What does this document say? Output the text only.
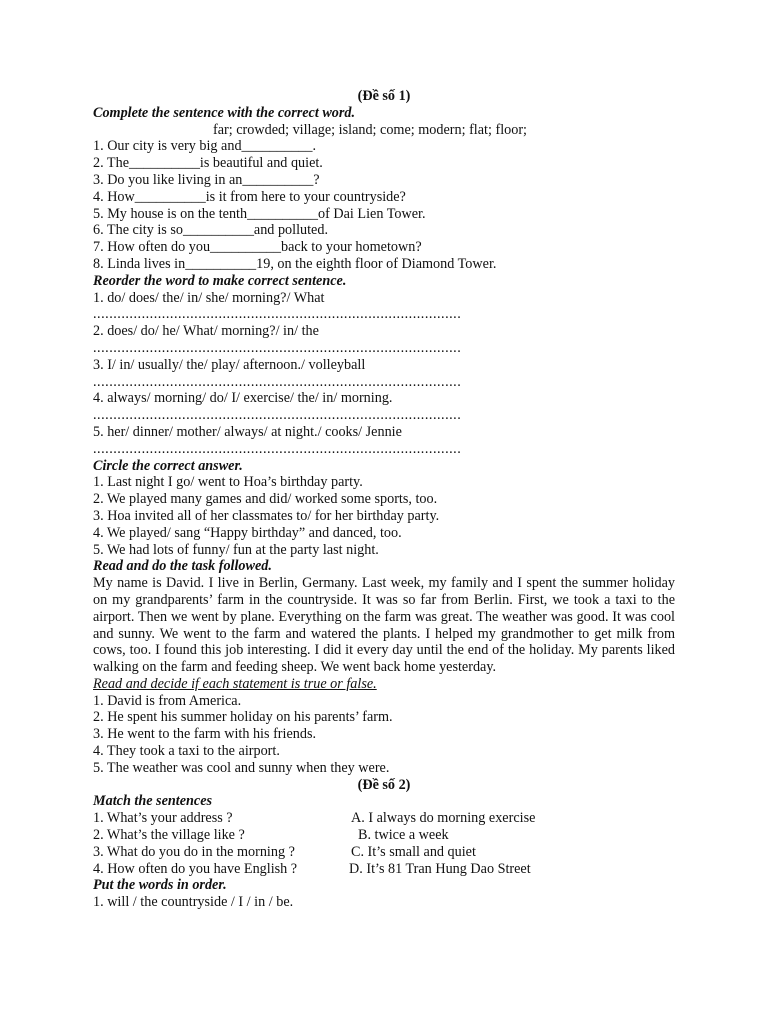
(Đề số 1)
Complete the sentence with the correct word.
far; crowded; village; island; come; modern; flat; floor;
1. Our city is very big and__________.
2. The__________is beautiful and quiet.
3. Do you like living in an__________?
4. How__________is it from here to your countryside?
5. My house is on the tenth__________of Dai Lien Tower.
6. The city is so__________and polluted.
7. How often do you__________back to your hometown?
8. Linda lives in__________19, on the eighth floor of Diamond Tower.
Reorder the word to make correct sentence.
1. do/ does/ the/ in/ she/ morning?/ What
...........................................................................................
2. does/ do/ he/ What/ morning?/ in/ the
...........................................................................................
3. I/ in/ usually/ the/ play/ afternoon./ volleyball
...........................................................................................
4. always/ morning/ do/ I/ exercise/ the/ in/ morning.
...........................................................................................
5. her/ dinner/ mother/ always/ at night./ cooks/ Jennie
...........................................................................................
Circle the correct answer.
1. Last night I go/ went to Hoa’s birthday party.
2. We played many games and did/ worked some sports, too.
3. Hoa invited all of her classmates to/ for her birthday party.
4. We played/ sang “Happy birthday” and danced, too.
5. We had lots of funny/ fun at the party last night.
Read and do the task followed.
My name is David. I live in Berlin, Germany. Last week, my family and I spent the summer holiday on my grandparents’ farm in the countryside. It was so far from Berlin. First, we took a taxi to the airport. Then we went by plane. Everything on the farm was great. The weather was good. It was cool and sunny. We went to the farm and watered the plants. I helped my grandmother to get milk from cows, too. I found this job interesting. I did it every day until the end of the holiday. My parents liked walking on the farm and feeding sheep. We went back home yesterday.
Read and decide if each statement is true or false.
1. David is from America.
2. He spent his summer holiday on his parents’ farm.
3. He went to the farm with his friends.
4. They took a taxi to the airport.
5. The weather was cool and sunny when they were.
(Đề số 2)
Match the sentences
1. What’s your address ?	A. I always do morning exercise
2. What’s the village like ?	B. twice a week
3. What do you do in the morning ?	C. It’s small and quiet
4. How often do you have English ?	D. It’s 81 Tran Hung Dao Street
Put the words in order.
1. will / the countryside / I / in / be.
